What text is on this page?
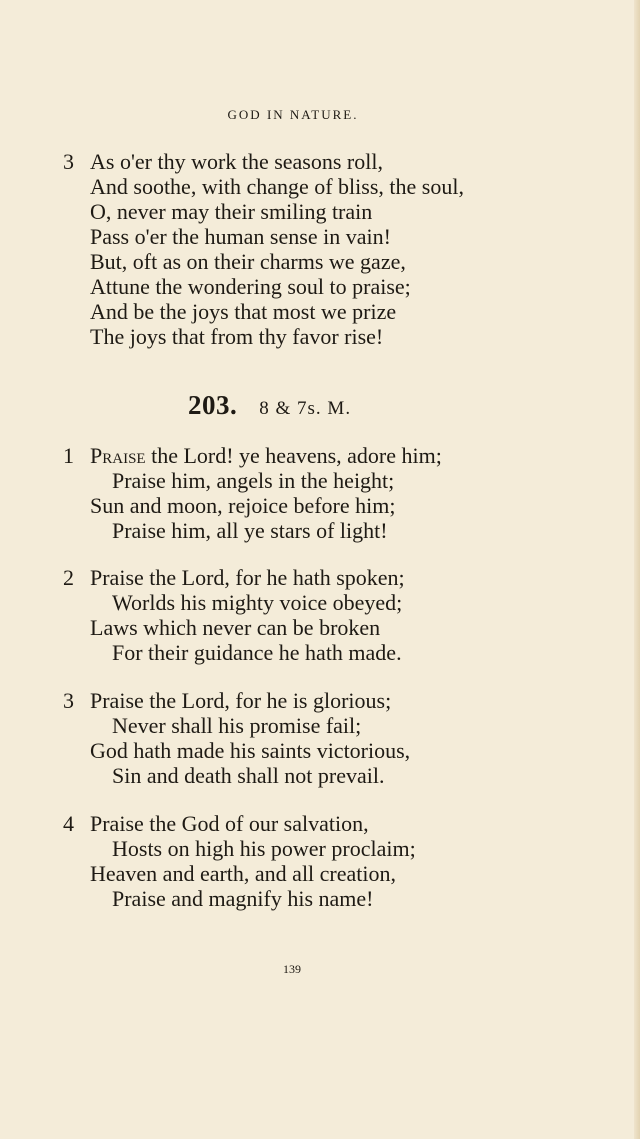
GOD IN NATURE.
3 As o'er thy work the seasons roll,
And soothe, with change of bliss, the soul,
O, never may their smiling train
Pass o'er the human sense in vain!
But, oft as on their charms we gaze,
Attune the wondering soul to praise;
And be the joys that most we prize
The joys that from thy favor rise!
203. 8 & 7s. M.
1 Praise the Lord! ye heavens, adore him;
Praise him, angels in the height;
Sun and moon, rejoice before him;
Praise him, all ye stars of light!
2 Praise the Lord, for he hath spoken;
Worlds his mighty voice obeyed;
Laws which never can be broken
For their guidance he hath made.
3 Praise the Lord, for he is glorious;
Never shall his promise fail;
God hath made his saints victorious,
Sin and death shall not prevail.
4 Praise the God of our salvation,
Hosts on high his power proclaim;
Heaven and earth, and all creation,
Praise and magnify his name!
139
